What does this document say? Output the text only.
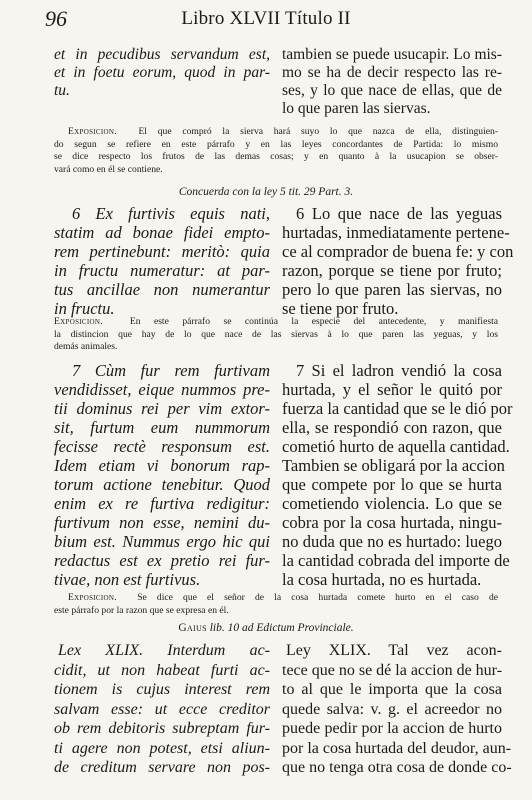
96	Libro XLVII Título II
et in pecudibus servandum est,
et in foetu eorum, quod in par-
tu.
tambien se puede usucapir. Lo mis-
mo se ha de decir respecto las re-
ses, y lo que nace de ellas, que de
lo que paren las siervas.
Exposicion. El que compró la sierva hará suyo lo que nazca de ella, distinguien-
do segun se refiere en este párrafo y en las leyes concordantes de Partida: lo mismo
se dice respecto los frutos de las demas cosas; y en quanto à la usucapion se obser-
vará como en él se contiene.
Concuerda con la ley 5 tit. 29 Part. 3.
6 Ex furtivis equis nati,
statim ad bonae fidei empto-
rem pertinebunt: meritò: quia
in fructu numeratur: at par-
tus ancillae non numerantur
in fructu.
6 Lo que nace de las yeguas
hurtadas, inmediatamente pertene-
ce al comprador de buena fe: y con
razon, porque se tiene por fruto;
pero lo que paren las siervas, no
se tiene por fruto.
Exposicion.	En este párrafo se continúa la especie del antecedente, y manifiesta
la distincion que hay de lo que nace de las siervas à lo que paren las yeguas, y los
demás animales.
7 Cùm fur rem furtivam
vendidisset, eique nummos pre-
tii dominus rei per vim extor-
sit, furtum eum nummorum
fecisse rectè responsum est.
Idem etiam vi bonorum rap-
torum actione tenebitur. Quod
enim ex re furtiva redigitur:
furtivum non esse, nemini du-
bium est. Nummus ergo hic qui
redactus est ex pretio rei fur-
tivae, non est furtivus.
7 Si el ladron vendió la cosa
hurtada, y el señor le quitó por
fuerza la cantidad que se le dió por
ella, se respondió con razon, que
cometió hurto de aquella cantidad.
Tambien se obligará por la accion
que compete por lo que se hurta
cometiendo violencia. Lo que se
cobra por la cosa hurtada, ningu-
no duda que no es hurtado: luego
la cantidad cobrada del importe de
la cosa hurtada, no es hurtada.
Exposicion. Se dice que el señor de la cosa hurtada comete hurto en el caso de
este párrafo por la razon que se expresa en él.
Gaius lib. 10 ad Edictum Provinciale.
Lex XLIX. Interdum ac-
cidit, ut non habeat furti ac-
tionem is cujus interest rem
salvam esse: ut ecce creditor
ob rem debitoris subreptam fur-
ti agere non potest, etsi aliun-
de creditum servare non pos-
Ley XLIX. Tal vez acon-
tece que no se dé la accion de hur-
to al que le importa que la cosa
quede salva: v. g. el acreedor no
puede pedir por la accion de hurto
por la cosa hurtada del deudor, aun-
que no tenga otra cosa de donde co-
